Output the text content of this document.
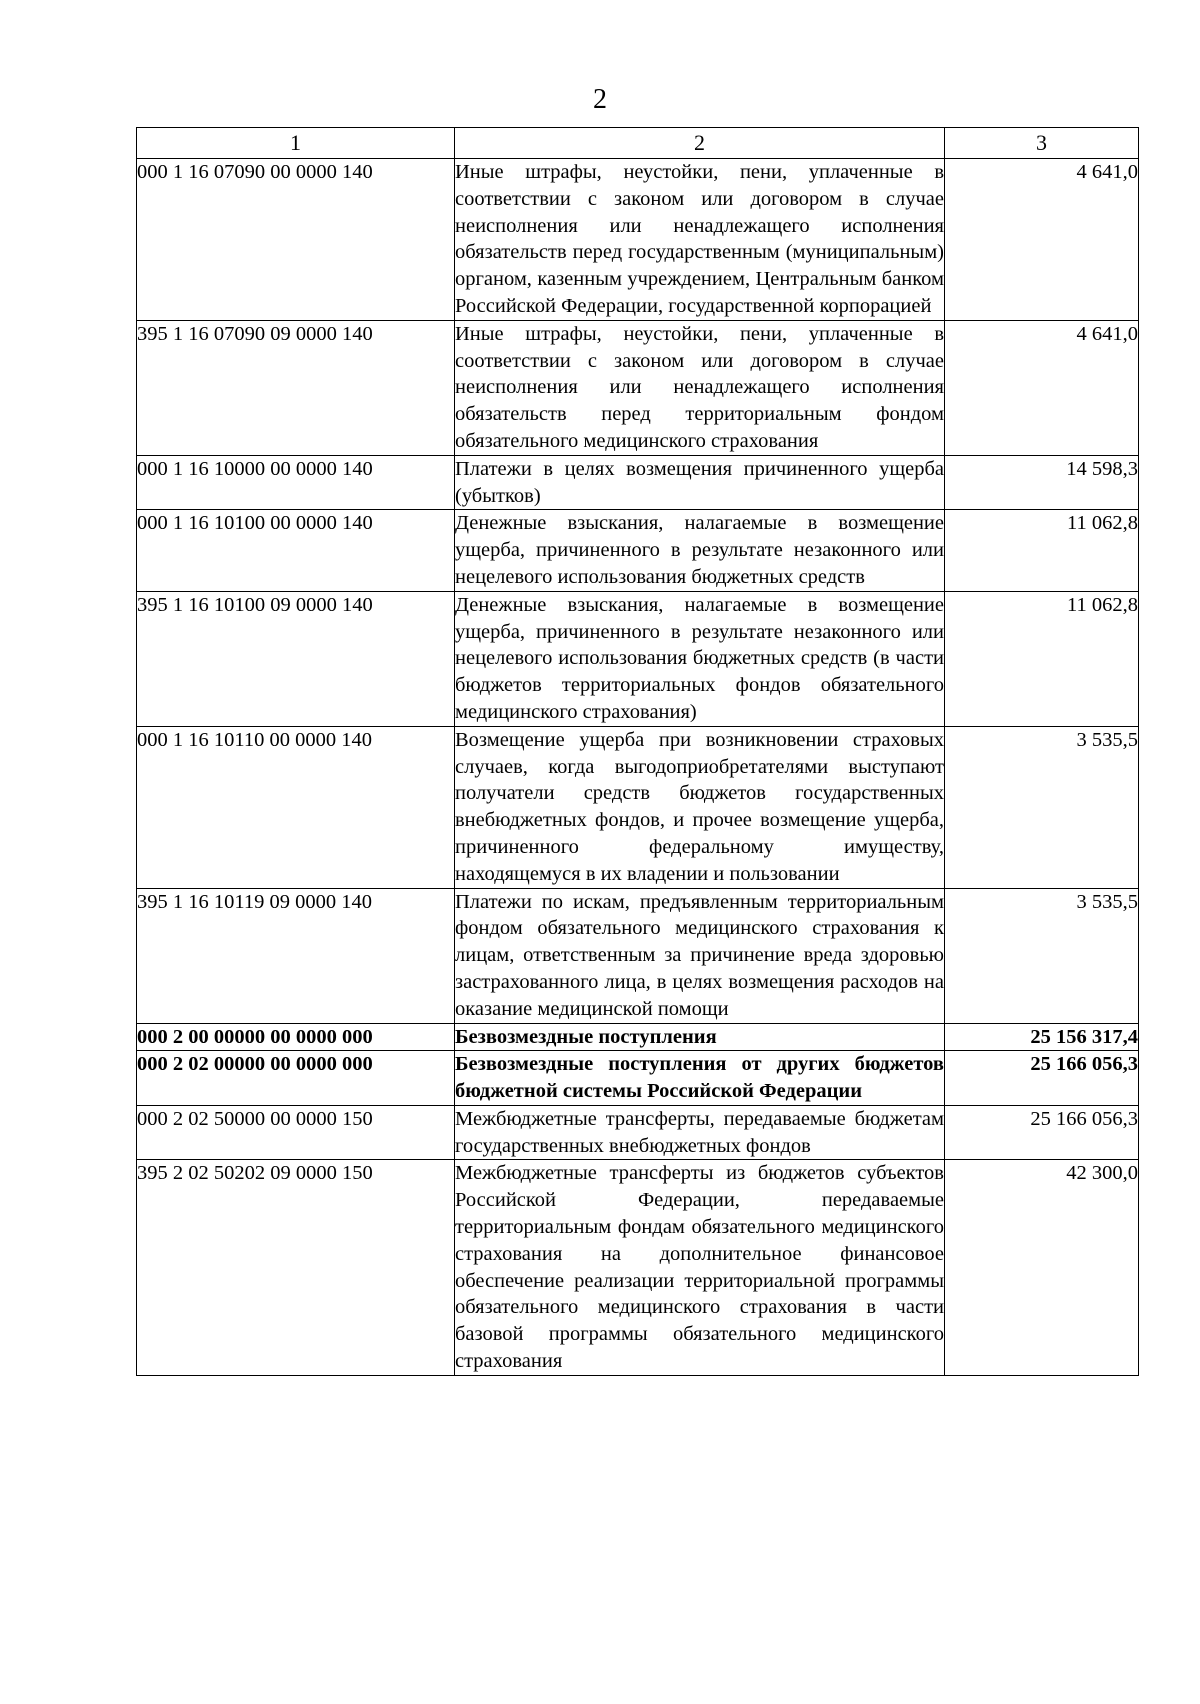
2
1	2	3
000 1 16 07090 00 0000 140	Иные штрафы, неустойки, пени, уплаченные в соответствии с законом или договором в случае неисполнения или ненадлежащего исполнения обязательств перед государственным (муниципальным) органом, казенным учреждением, Центральным банком Российской Федерации, государственной корпорацией	4 641,0
395 1 16 07090 09 0000 140	Иные штрафы, неустойки, пени, уплаченные в соответствии с законом или договором в случае неисполнения или ненадлежащего исполнения обязательств перед территориальным фондом обязательного медицинского страхования	4 641,0
000 1 16 10000 00 0000 140	Платежи в целях возмещения причиненного ущерба (убытков)	14 598,3
000 1 16 10100 00 0000 140	Денежные взыскания, налагаемые в возмещение ущерба, причиненного в результате незаконного или нецелевого использования бюджетных средств	11 062,8
395 1 16 10100 09 0000 140	Денежные взыскания, налагаемые в возмещение ущерба, причиненного в результате незаконного или нецелевого использования бюджетных средств (в части бюджетов территориальных фондов обязательного медицинского страхования)	11 062,8
000 1 16 10110 00 0000 140	Возмещение ущерба при возникновении страховых случаев, когда выгодоприобретателями выступают получатели средств бюджетов государственных внебюджетных фондов, и прочее возмещение ущерба, причиненного федеральному имуществу, находящемуся в их владении и пользовании	3 535,5
395 1 16 10119 09 0000 140	Платежи по искам, предъявленным территориальным фондом обязательного медицинского страхования к лицам, ответственным за причинение вреда здоровью застрахованного лица, в целях возмещения расходов на оказание медицинской помощи	3 535,5
000 2 00 00000 00 0000 000	Безвозмездные поступления	25 156 317,4
000 2 02 00000 00 0000 000	Безвозмездные поступления от других бюджетов бюджетной системы Российской Федерации	25 166 056,3
000 2 02 50000 00 0000 150	Межбюджетные трансферты, передаваемые бюджетам государственных внебюджетных фондов	25 166 056,3
395 2 02 50202 09 0000 150	Межбюджетные трансферты из бюджетов субъектов Российской Федерации, передаваемые территориальным фондам обязательного медицинского страхования на дополнительное финансовое обеспечение реализации территориальной программы обязательного медицинского страхования в части базовой программы обязательного медицинского страхования	42 300,0
